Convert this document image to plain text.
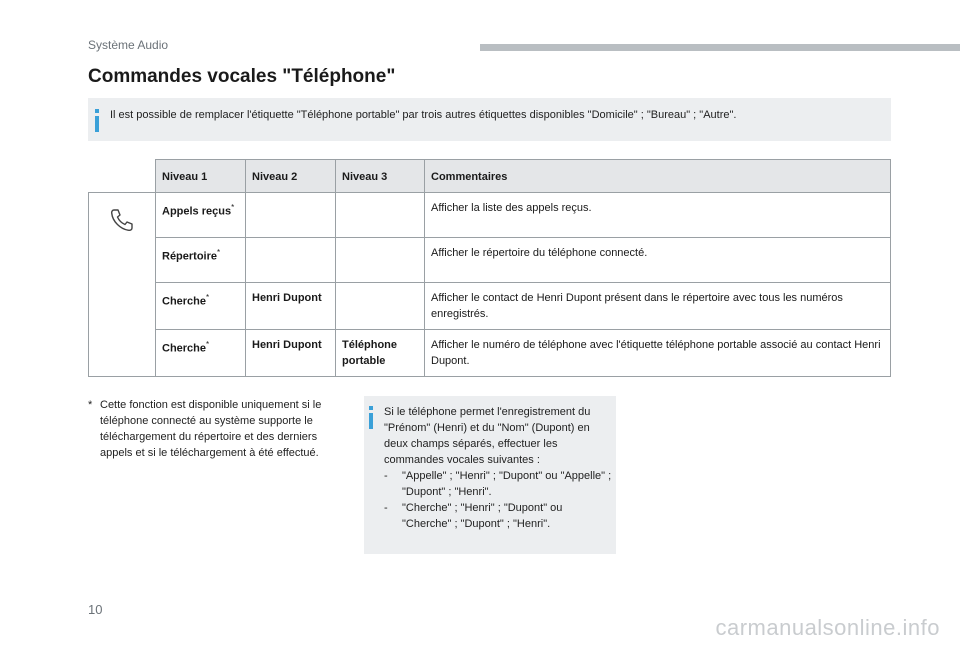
Système Audio
Commandes vocales "Téléphone"
Il est possible de remplacer l'étiquette "Téléphone portable" par trois autres étiquettes disponibles "Domicile" ; "Bureau" ; "Autre".
	Niveau 1	Niveau 2	Niveau 3	Commentaires

	Appels reçus*			Afficher la liste des appels reçus.
	Répertoire*			Afficher le répertoire du téléphone connecté.
	Cherche*	Henri Dupont		Afficher le contact de Henri Dupont présent dans le répertoire avec tous les numéros enregistrés.
	Cherche*	Henri Dupont	Téléphone portable	Afficher le numéro de téléphone avec l'étiquette téléphone portable associé au contact Henri Dupont.
* Cette fonction est disponible uniquement si le téléphone connecté au système supporte le téléchargement du répertoire et des derniers appels et si le téléchargement à été effectué.
Si le téléphone permet l'enregistrement du "Prénom" (Henri) et du "Nom" (Dupont) en deux champs séparés, effectuer les commandes vocales suivantes :
- "Appelle" ; "Henri" ; "Dupont" ou "Appelle" ; "Dupont" ; "Henri".
- "Cherche" ; "Henri" ; "Dupont" ou "Cherche" ; "Dupont" ; "Henri".
10
carmanualsonline.info
